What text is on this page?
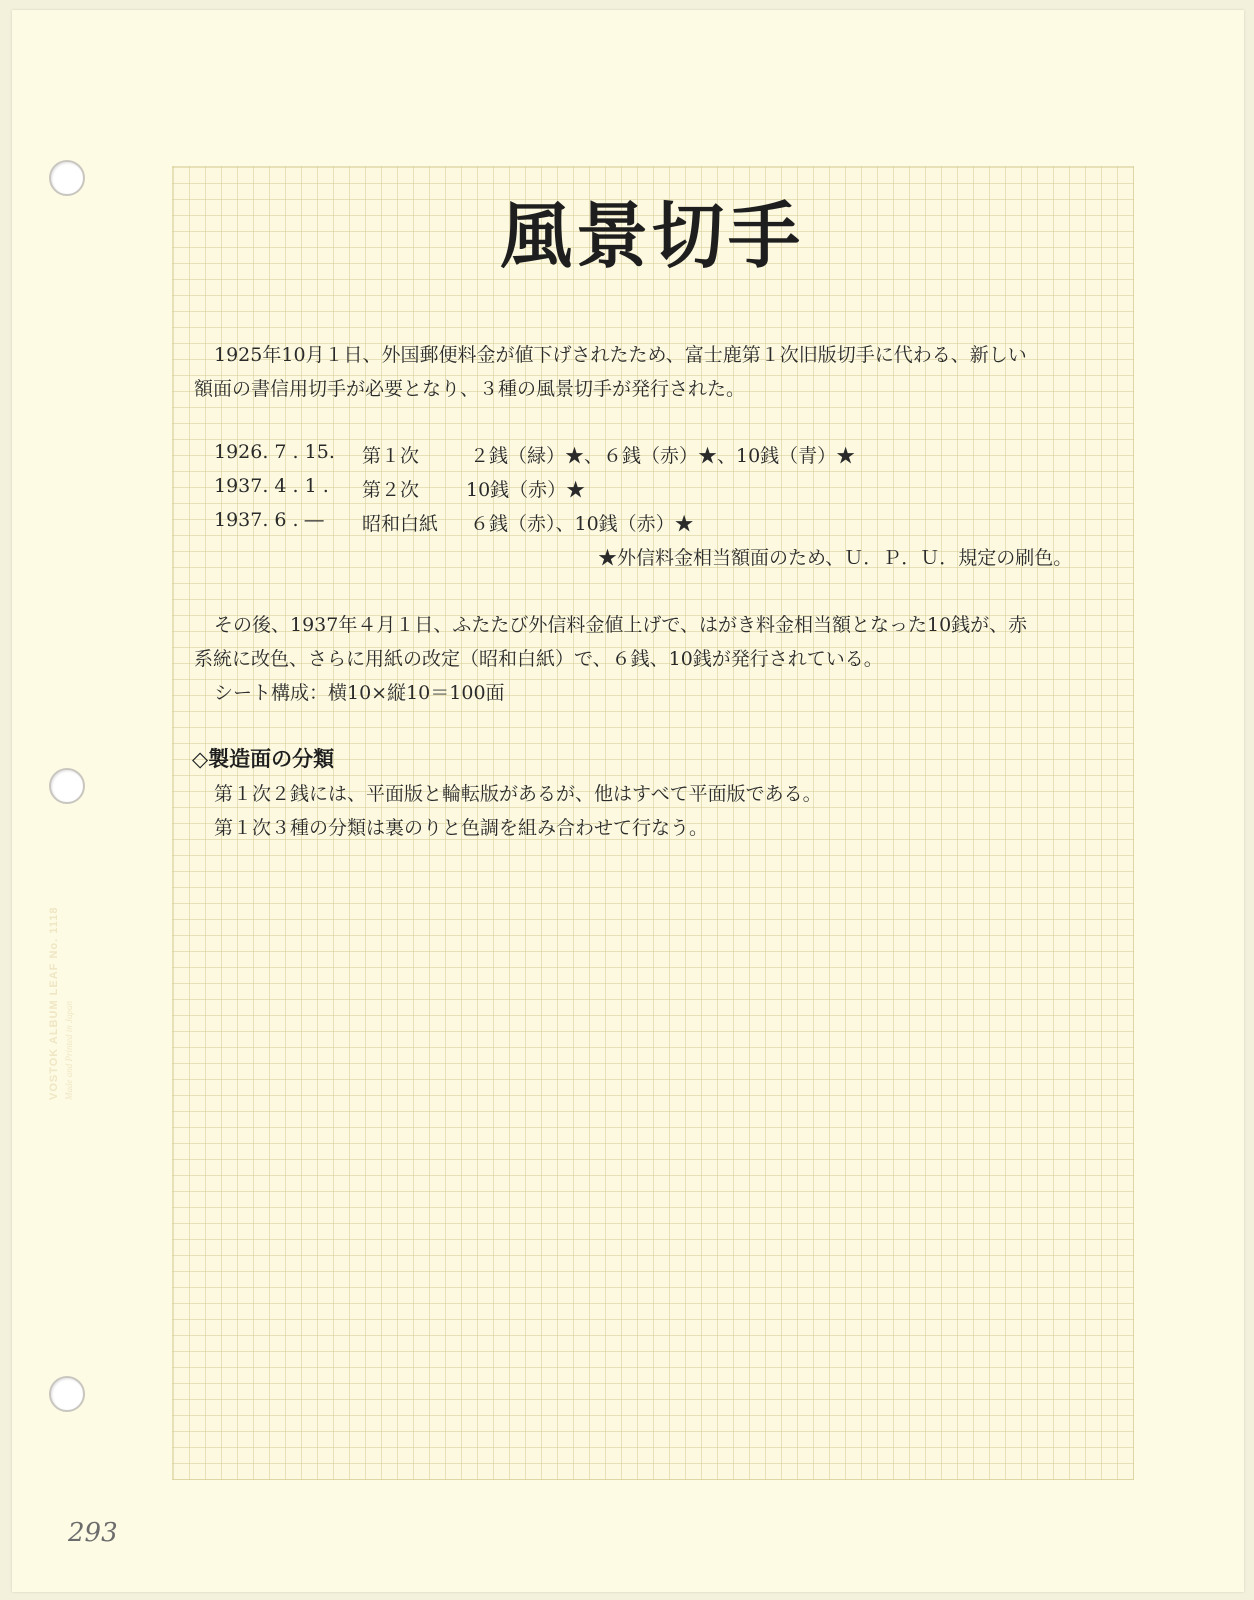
VOSTOK ALBUM LEAF No. 1118 Made and Printed in Japan
293
風景切手
1925年10月１日、外国郵便料金が値下げされたため、富士鹿第１次旧版切手に代わる、新しい
額面の書信用切手が必要となり、３種の風景切手が発行された。
1926. 7 . 15. 第１次	２銭（緑）★、６銭（赤）★、10銭（青）★
1937. 4 . 1 . 第２次 10銭（赤）★
1937. 6 . ― 昭和白紙 ６銭（赤）、10銭（赤）★
★外信料金相当額面のため、Ｕ．Ｐ．Ｕ．規定の刷色。
その後、1937年４月１日、ふたたび外信料金値上げで、はがき料金相当額となった10銭が、赤
系統に改色、さらに用紙の改定（昭和白紙）で、６銭、10銭が発行されている。
シート構成：横10×縦10＝100面
◇製造面の分類
第１次２銭には、平面版と輪転版があるが、他はすべて平面版である。
第１次３種の分類は裏のりと色調を組み合わせて行なう。
